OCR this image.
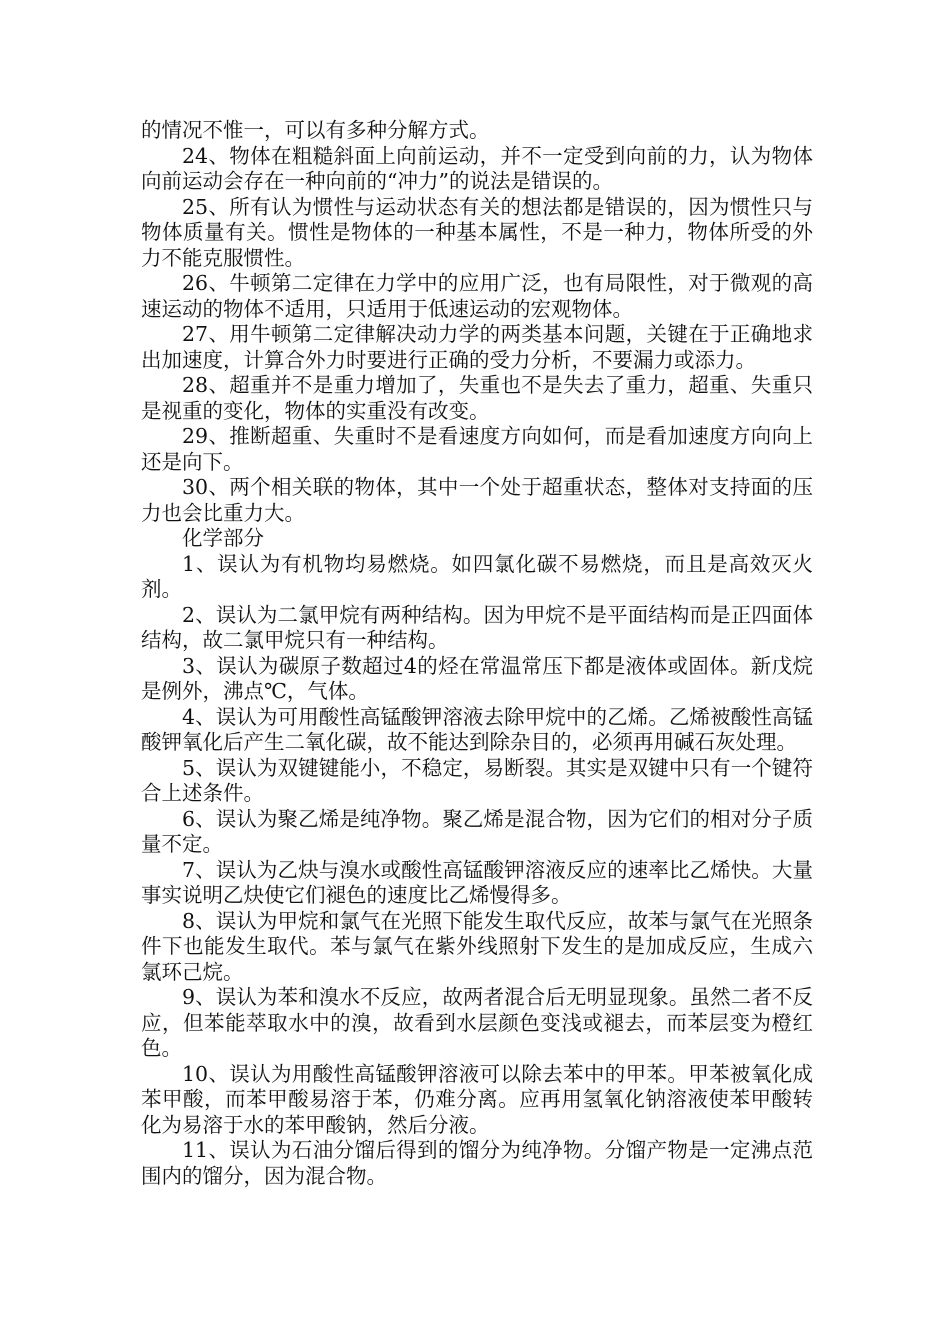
的情况不惟一，可以有多种分解方式。

24、物体在粗糙斜面上向前运动，并不一定受到向前的力，认为物体向前运动会存在一种向前的“冲力”的说法是错误的。

25、所有认为惯性与运动状态有关的想法都是错误的，因为惯性只与物体质量有关。惯性是物体的一种基本属性，不是一种力，物体所受的外力不能克服惯性。

26、牛顿第二定律在力学中的应用广泛，也有局限性，对于微观的高速运动的物体不适用，只适用于低速运动的宏观物体。

27、用牛顿第二定律解决动力学的两类基本问题，关键在于正确地求出加速度，计算合外力时要进行正确的受力分析，不要漏力或添力。

28、超重并不是重力增加了，失重也不是失去了重力，超重、失重只是视重的变化，物体的实重没有改变。

29、推断超重、失重时不是看速度方向如何，而是看加速度方向向上还是向下。

30、两个相关联的物体，其中一个处于超重状态，整体对支持面的压力也会比重力大。

化学部分

1、误认为有机物均易燃烧。如四氯化碳不易燃烧，而且是高效灭火剂。

2、误认为二氯甲烷有两种结构。因为甲烷不是平面结构而是正四面体结构，故二氯甲烷只有一种结构。

3、误认为碳原子数超过4的烃在常温常压下都是液体或固体。新戊烷是例外，沸点℃，气体。

4、误认为可用酸性高锰酸钾溶液去除甲烷中的乙烯。乙烯被酸性高锰酸钾氧化后产生二氧化碳，故不能达到除杂目的，必须再用碱石灰处理。

5、误认为双键键能小，不稳定，易断裂。其实是双键中只有一个键符合上述条件。

6、误认为聚乙烯是纯净物。聚乙烯是混合物，因为它们的相对分子质量不定。

7、误认为乙炔与溴水或酸性高锰酸钾溶液反应的速率比乙烯快。大量事实说明乙炔使它们褪色的速度比乙烯慢得多。

8、误认为甲烷和氯气在光照下能发生取代反应，故苯与氯气在光照条件下也能发生取代。苯与氯气在紫外线照射下发生的是加成反应，生成六氯环己烷。

9、误认为苯和溴水不反应，故两者混合后无明显现象。虽然二者不反应，但苯能萃取水中的溴，故看到水层颜色变浅或褪去，而苯层变为橙红色。

10、误认为用酸性高锰酸钾溶液可以除去苯中的甲苯。甲苯被氧化成苯甲酸，而苯甲酸易溶于苯，仍难分离。应再用氢氧化钠溶液使苯甲酸转化为易溶于水的苯甲酸钠，然后分液。

11、误认为石油分馏后得到的馏分为纯净物。分馏产物是一定沸点范围内的馏分，因为混合物。
